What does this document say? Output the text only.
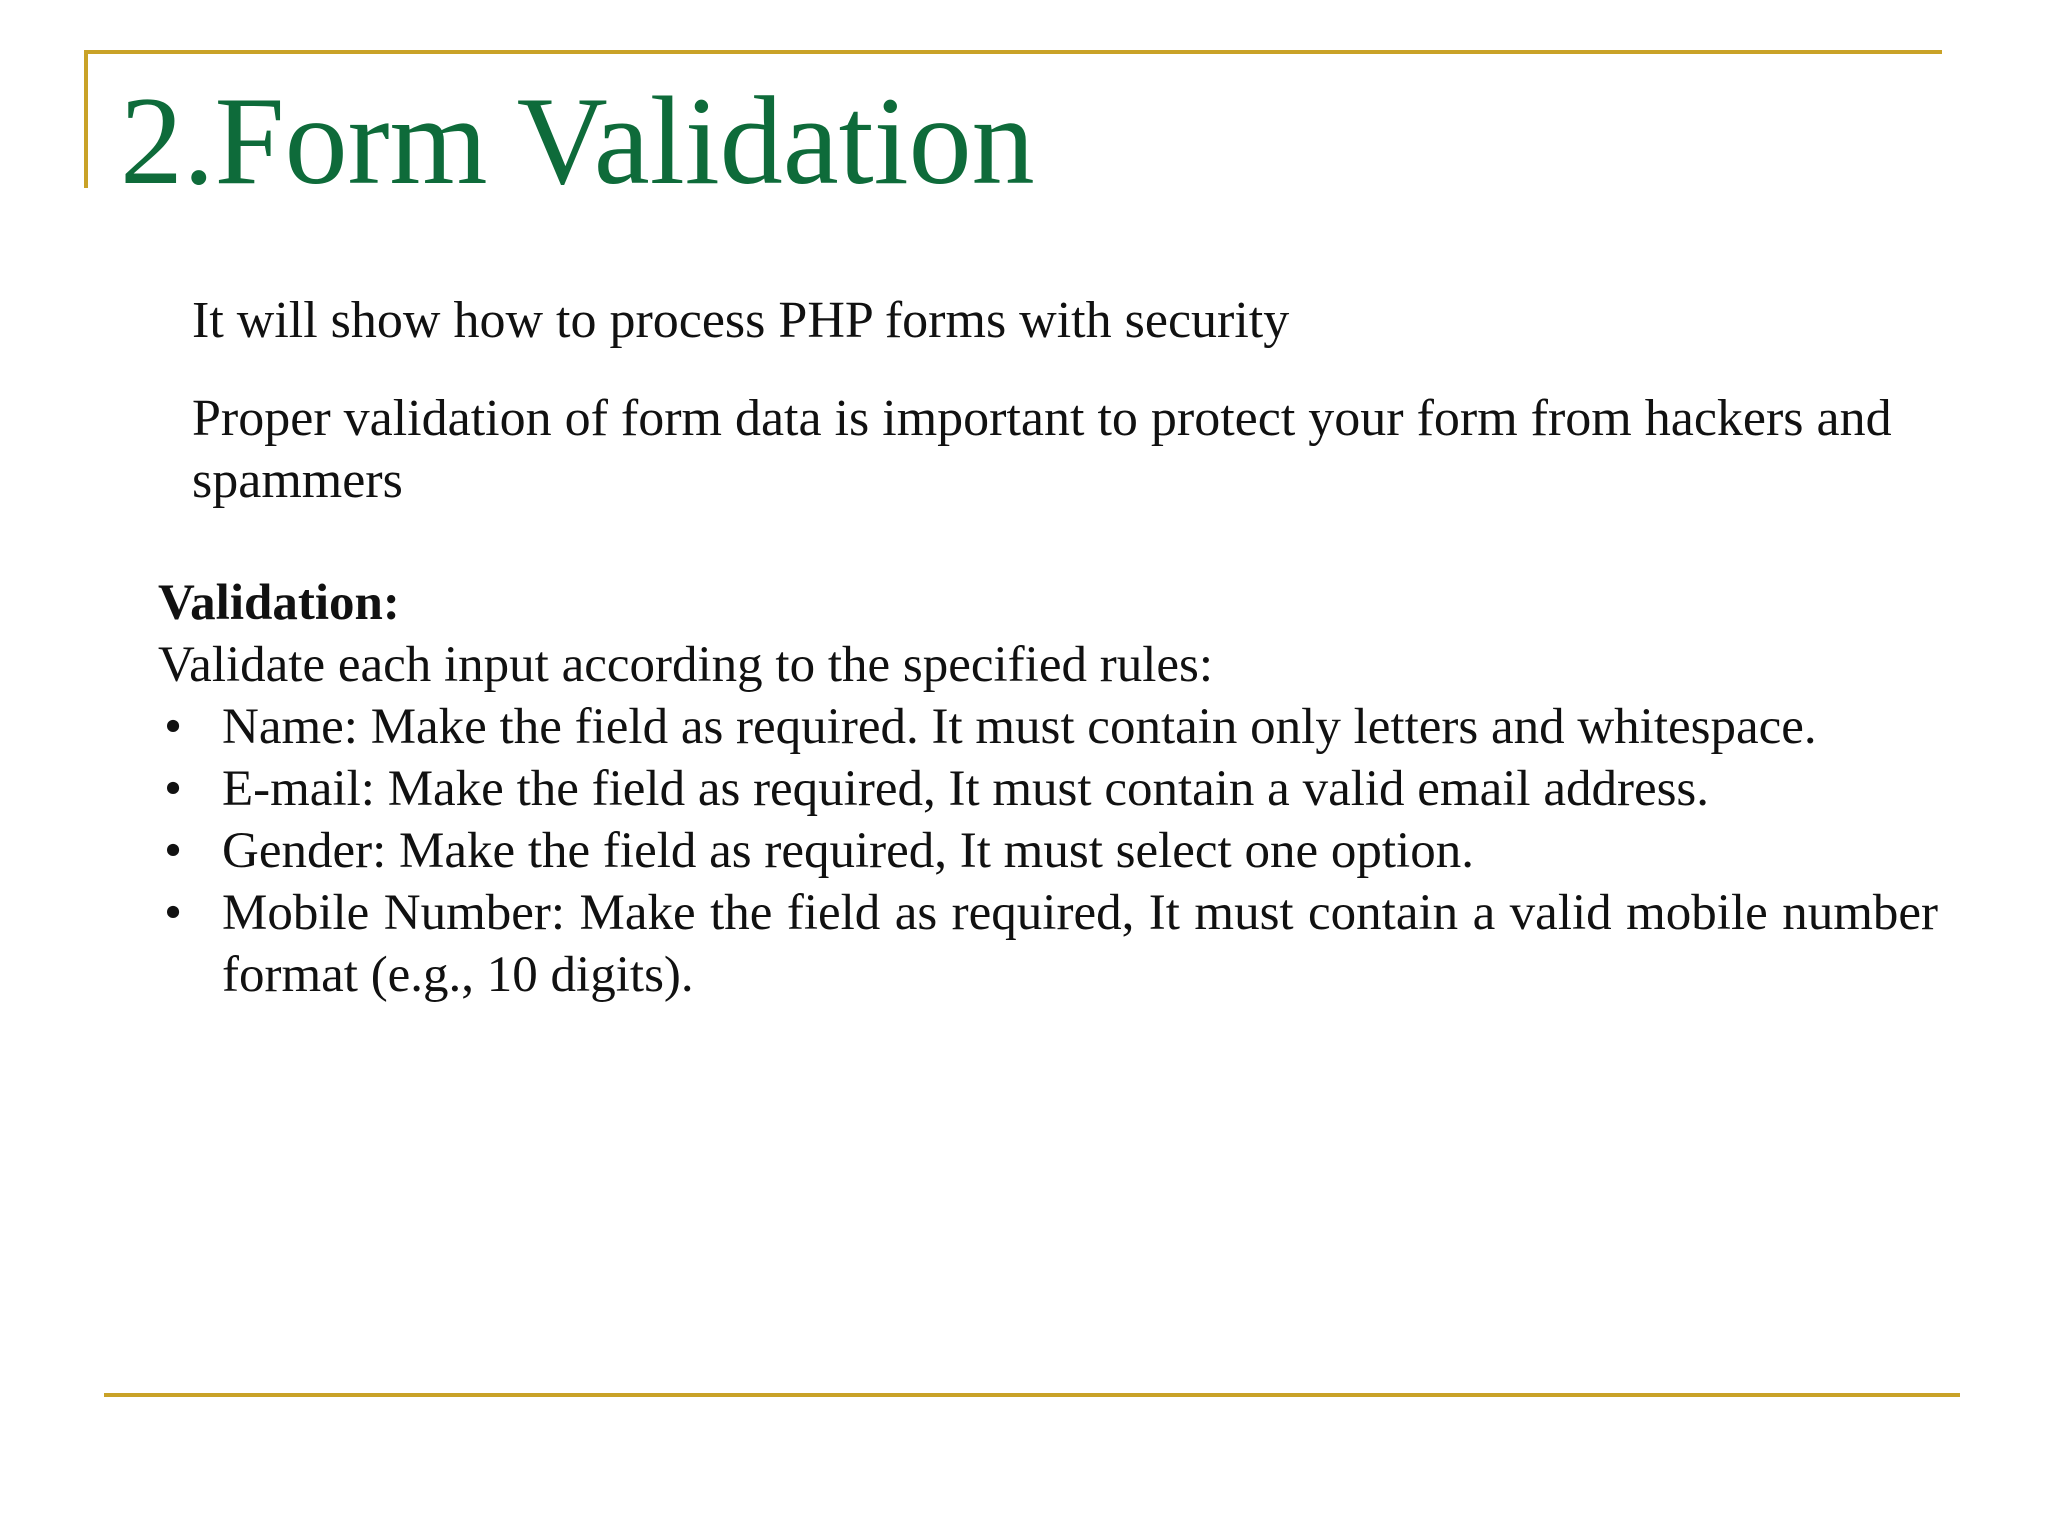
2.Form Validation
It will show how to process PHP forms with security
Proper validation of form data is important to protect your form from hackers and spammers

Validation:

Validate each input according to the specified rules:

• Name: Make the field as required. It must contain only letters and whitespace.
• E-mail: Make the field as required, It must contain a valid email address.
• Gender: Make the field as required, It must select one option.
• Mobile Number: Make the field as required, It must contain a valid mobile number format (e.g., 10 digits).
